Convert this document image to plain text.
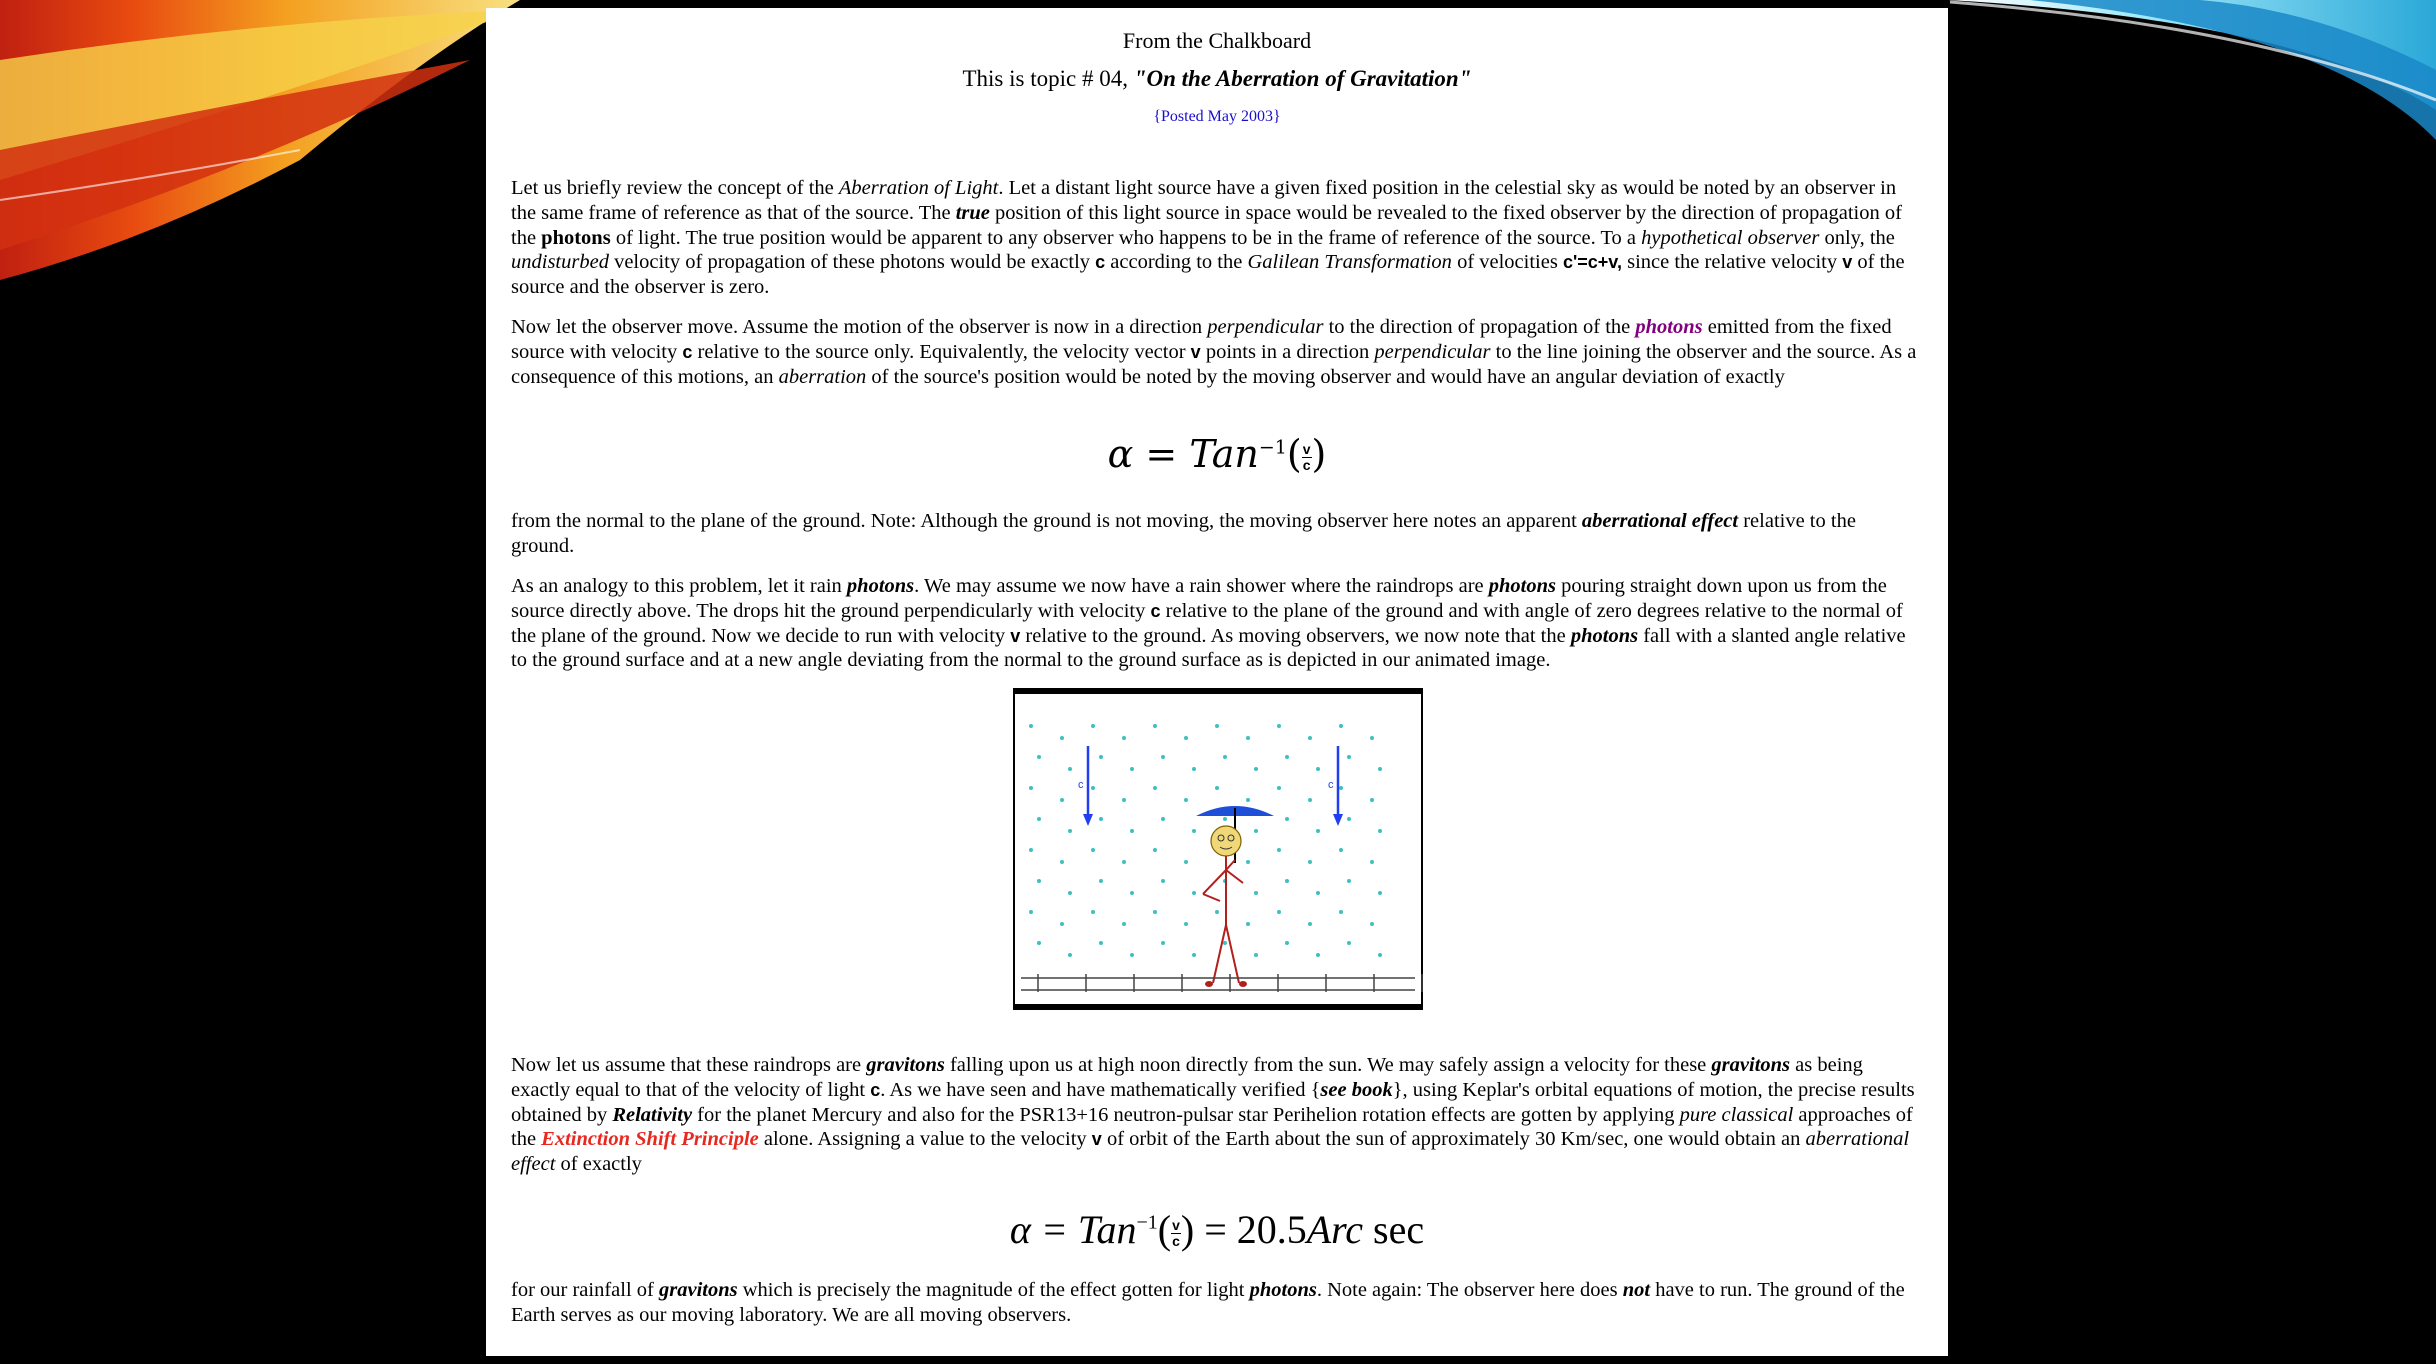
From the Chalkboard
This is topic # 04, "On the Aberration of Gravitation"
{Posted May 2003}

Let us briefly review the concept of the Aberration of Light. Let a distant light source have a given fixed position in the celestial sky as would be noted by an observer in the same frame of reference as that of the source. The true position of this light source in space would be revealed to the fixed observer by the direction of propagation of the photons of light. The true position would be apparent to any observer who happens to be in the frame of reference of the source. To a hypothetical observer only, the undisturbed velocity of propagation of these photons would be exactly c according to the Galilean Transformation of velocities c'=c+v, since the relative velocity v of the source and the observer is zero.

Now let the observer move. Assume the motion of the observer is now in a direction perpendicular to the direction of propagation of the photons emitted from the fixed source with velocity c relative to the source only. Equivalently, the velocity vector v points in a direction perpendicular to the line joining the observer and the source. As a consequence of this motions, an aberration of the source's position would be noted by the moving observer and would have an angular deviation of exactly

$\alpha = Tan^{-1}( \frac{v}{c}$ )

from the normal to the plane of the ground. Note: Although the ground is not moving, the moving observer here notes an apparent aberrational effect relative to the ground.

As an analogy to this problem, let it rain photons. We may assume we now have a rain shower where the raindrops are photons pouring straight down upon us from the source directly above. The drops hit the ground perpendicularly with velocity c relative to the plane of the ground and with angle of zero degrees relative to the normal of the plane of the ground. Now we decide to run with velocity v relative to the ground. As moving observers, we now note that the photons fall with a slanted angle relative to the ground surface and at a new angle deviating from the normal to the ground surface as is depicted in our animated image.

c	c

Now let us assume that these raindrops are gravitons falling upon us at high noon directly from the sun. We may safely assign a velocity for these gravitons as being exactly equal to that of the velocity of light c. As we have seen and have mathematically verified {see book}, using Keplar's orbital equations of motion, the precise results obtained by Relativity for the planet Mercury and also for the PSR13+16 neutron-pulsar star Perihelion rotation effects are gotten by applying pure classical approaches of the Extinction Shift Principle alone. Assigning a value to the velocity v of orbit of the Earth about the sun of approximately 30 Km/sec, one would obtain an aberrational effect of exactly

$\alpha = Tan^{-1}( \frac{v}{c}$ ) = 20.5Arc sec

for our rainfall of gravitons which is precisely the magnitude of the effect gotten for light photons. Note again: The observer here does not have to run. The ground of the Earth serves as our moving laboratory. We are all moving observers.
